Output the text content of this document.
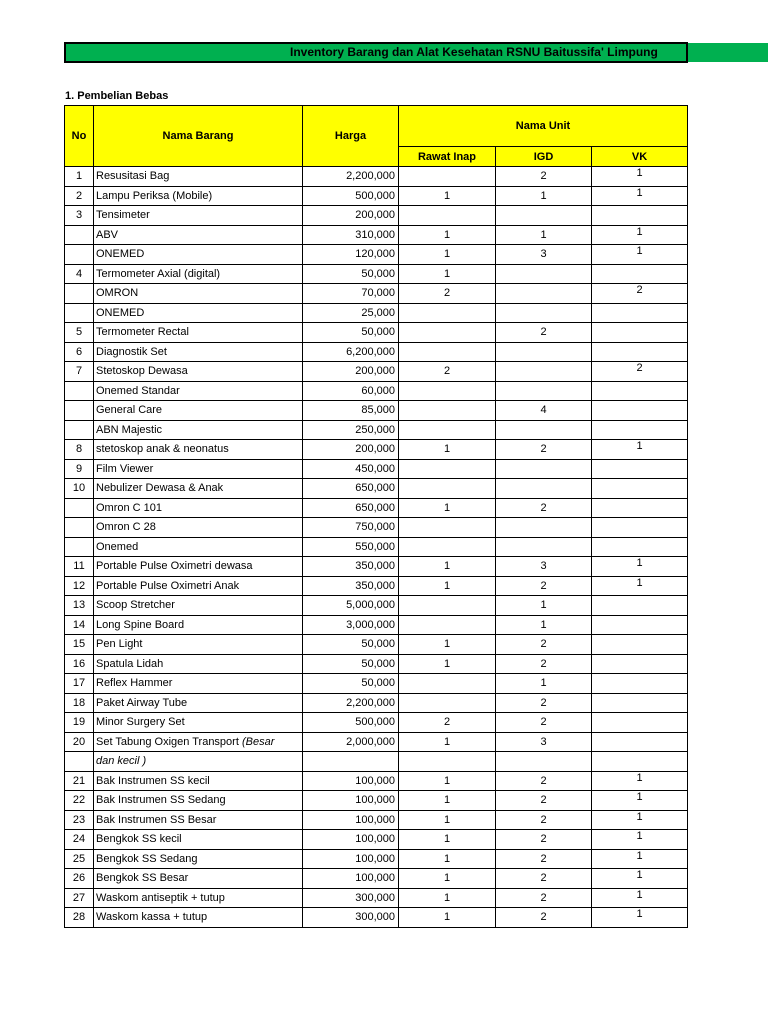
Inventory Barang dan Alat Kesehatan RSNU Baitussifa' Limpung
1. Pembelian Bebas
No	Nama Barang	Harga	Nama Unit		
			Rawat Inap	IGD	VK
1	Resusitasi Bag	2,200,000		2	1
2	Lampu Periksa (Mobile)	500,000	1	1	1
3	Tensimeter	200,000			
	ABV	310,000	1	1	1
	ONEMED	120,000	1	3	1
4	Termometer Axial (digital)	50,000	1		
	OMRON	70,000	2		2
	ONEMED	25,000			
5	Termometer Rectal	50,000		2	
6	Diagnostik Set	6,200,000			
7	Stetoskop Dewasa	200,000	2		2
	Onemed Standar	60,000			
	General Care	85,000		4	
	ABN Majestic	250,000			
8	stetoskop anak & neonatus	200,000	1	2	1
9	Film Viewer	450,000			
10	Nebulizer Dewasa & Anak	650,000			
	Omron C 101	650,000	1	2	
	Omron C 28	750,000			
	Onemed	550,000			
11	Portable Pulse Oximetri dewasa	350,000	1	3	1
12	Portable Pulse Oximetri Anak	350,000	1	2	1
13	Scoop Stretcher	5,000,000		1	
14	Long Spine Board	3,000,000		1	
15	Pen Light	50,000	1	2	
16	Spatula Lidah	50,000	1	2	
17	Reflex Hammer	50,000		1	
18	Paket Airway Tube	2,200,000		2	
19	Minor Surgery Set	500,000	2	2	
20	Set Tabung Oxigen Transport (Besar	2,000,000	1	3	
	dan kecil )				
21	Bak Instrumen SS kecil	100,000	1	2	1
22	Bak Instrumen SS Sedang	100,000	1	2	1
23	Bak Instrumen SS Besar	100,000	1	2	1
24	Bengkok SS kecil	100,000	1	2	1
25	Bengkok SS Sedang	100,000	1	2	1
26	Bengkok SS Besar	100,000	1	2	1
27	Waskom antiseptik + tutup	300,000	1	2	1
28	Waskom kassa + tutup	300,000	1	2	1
